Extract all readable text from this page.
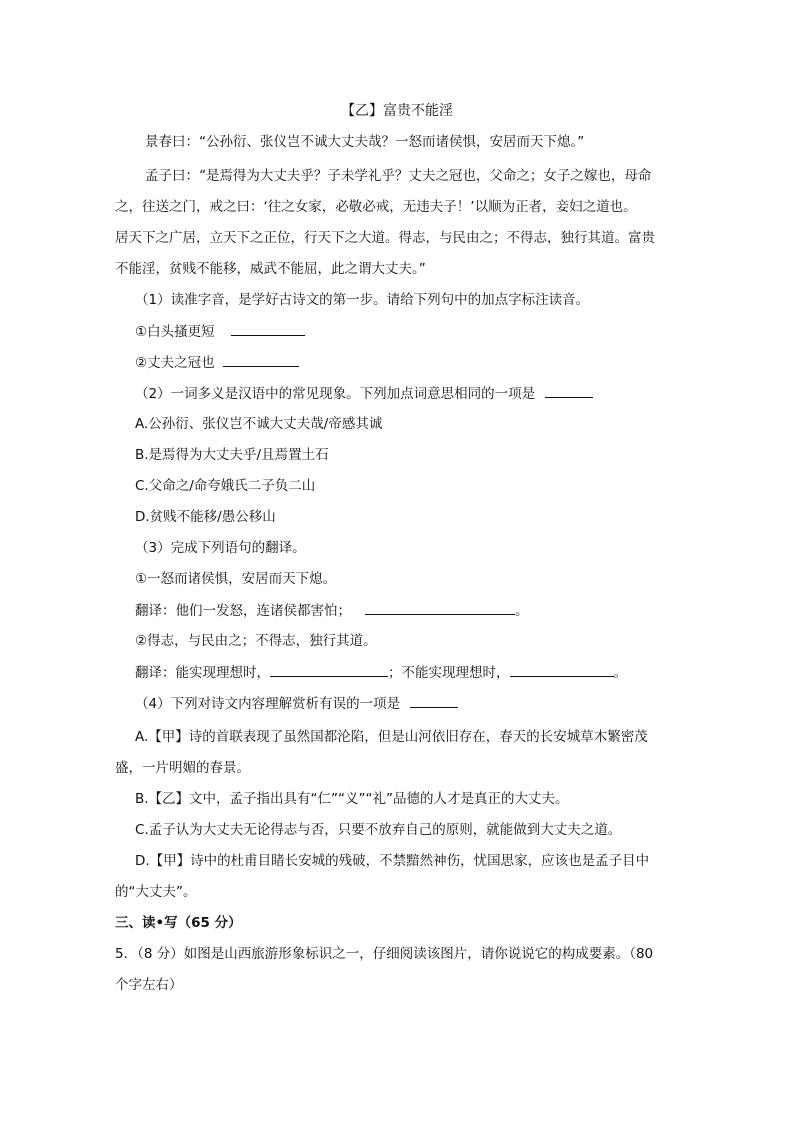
【乙】富贵不能淫
景春曰：“公孙衍、张仪岂不诚大丈夫哉？一怒而诸侯惧，安居而天下熄。”
孟子曰：“是焉得为大丈夫乎？子未学礼乎？丈夫之冠也，父命之；女子之嫁也，母命
之，往送之门，戒之曰：‘往之女家，必敬必戒，无违夫子！’以顺为正者，妾妇之道也。
居天下之广居，立天下之正位，行天下之大道。得志，与民由之；不得志，独行其道。富贵
不能淫，贫贱不能移，威武不能屈，此之谓大丈夫。”
（1）读准字音，是学好古诗文的第一步。请给下列句中的加点字标注读音。
①白头搔更短
②丈夫之冠也
（2）一词多义是汉语中的常见现象。下列加点词意思相同的一项是
A.公孙衍、张仪岂不诚大丈夫哉/帝感其诚
B.是焉得为大丈夫乎/且焉置土石
C.父命之/命夸娥氏二子负二山
D.贫贱不能移/愚公移山
（3）完成下列语句的翻译。
①一怒而诸侯惧，安居而天下熄。
翻译：他们一发怒，连诸侯都害怕；	。
②得志，与民由之；不得志，独行其道。
翻译：能实现理想时，	；不能实现理想时，	。
（4）下列对诗文内容理解赏析有误的一项是
A.【甲】诗的首联表现了虽然国都沦陷，但是山河依旧存在，春天的长安城草木繁密茂
盛，一片明媚的春景。
B.【乙】文中，孟子指出具有“仁”“义”“礼”品德的人才是真正的大丈夫。
C.孟子认为大丈夫无论得志与否，只要不放弃自己的原则，就能做到大丈夫之道。
D.【甲】诗中的杜甫目睹长安城的残破，不禁黯然神伤，忧国思家，应该也是孟子目中
的“大丈夫”。
三、读•写（65 分）
5．（8 分）如图是山西旅游形象标识之一，仔细阅读该图片，请你说说它的构成要素。（80
个字左右）
